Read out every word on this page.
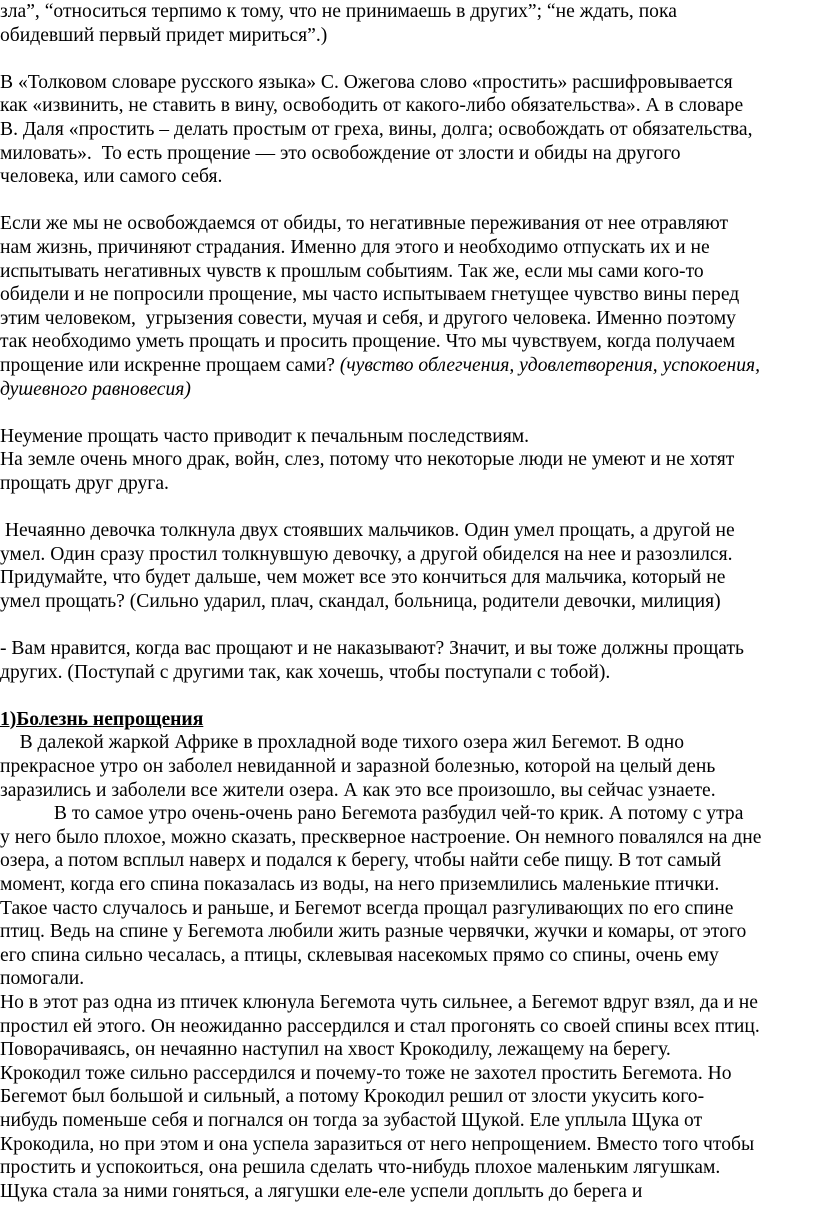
зла”, “относиться терпимо к тому, что не принимаешь в других”; “не ждать, пока
обидевший первый придет мириться”.)
В «Толковом словаре русского языка» С. Ожегова слово «простить» расшифровывается
как «извинить, не ставить в вину, освободить от какого-либо обязательства». А в словаре
В. Даля «простить – делать простым от греха, вины, долга; освобождать от обязательства,
миловать».  То есть прощение — это освобождение от злости и обиды на другого
человека, или самого себя.
Если же мы не освобождаемся от обиды, то негативные переживания от нее отравляют
нам жизнь, причиняют страдания. Именно для этого и необходимо отпускать их и не
испытывать негативных чувств к прошлым событиям. Так же, если мы сами кого-то
обидели и не попросили прощение, мы часто испытываем гнетущее чувство вины перед
этим человеком,  угрызения совести, мучая и себя, и другого человека. Именно поэтому
так необходимо уметь прощать и просить прощение. Что мы чувствуем, когда получаем
прощение или искренне прощаем сами? (чувство облегчения, удовлетворения, успокоения,
душевного равновесия)
Неумение прощать часто приводит к печальным последствиям.
На земле очень много драк, войн, слез, потому что некоторые люди не умеют и не хотят
прощать друг друга.
Нечаянно девочка толкнула двух стоявших мальчиков. Один умел прощать, а другой не
умел. Один сразу простил толкнувшую девочку, а другой обиделся на нее и разозлился.
Придумайте, что будет дальше, чем может все это кончиться для мальчика, который не
умел прощать? (Сильно ударил, плач, скандал, больница, родители девочки, милиция)
- Вам нравится, когда вас прощают и не наказывают? Значит, и вы тоже должны прощать
других. (Поступай с другими так, как хочешь, чтобы поступали с тобой).
1)Болезнь непрощения
В далекой жаркой Африке в прохладной воде тихого озера жил Бегемот. В одно
прекрасное утро он заболел невиданной и заразной болезнью, которой на целый день
заразились и заболели все жители озера. А как это все произошло, вы сейчас узнаете.
В то самое утро очень-очень рано Бегемота разбудил чей-то крик. А потому с утра
у него было плохое, можно сказать, прескверное настроение. Он немного повалялся на дне
озера, а потом всплыл наверх и подался к берегу, чтобы найти себе пищу. В тот самый
момент, когда его спина показалась из воды, на него приземлились маленькие птички.
Такое часто случалось и раньше, и Бегемот всегда прощал разгуливающих по его спине
птиц. Ведь на спине у Бегемота любили жить разные червячки, жучки и комары, от этого
его спина сильно чесалась, а птицы, склевывая насекомых прямо со спины, очень ему
помогали.
Но в этот раз одна из птичек клюнула Бегемота чуть сильнее, а Бегемот вдруг взял, да и не
простил ей этого. Он неожиданно рассердился и стал прогонять со своей спины всех птиц.
Поворачиваясь, он нечаянно наступил на хвост Крокодилу, лежащему на берегу.
Крокодил тоже сильно рассердился и почему-то тоже не захотел простить Бегемота. Но
Бегемот был большой и сильный, а потому Крокодил решил от злости укусить кого-
нибудь поменьше себя и погнался он тогда за зубастой Щукой. Еле уплыла Щука от
Крокодила, но при этом и она успела заразиться от него непрощением. Вместо того чтобы
простить и успокоиться, она решила сделать что-нибудь плохое маленьким лягушкам.
Щука стала за ними гоняться, а лягушки еле-еле успели доплыть до берега и
